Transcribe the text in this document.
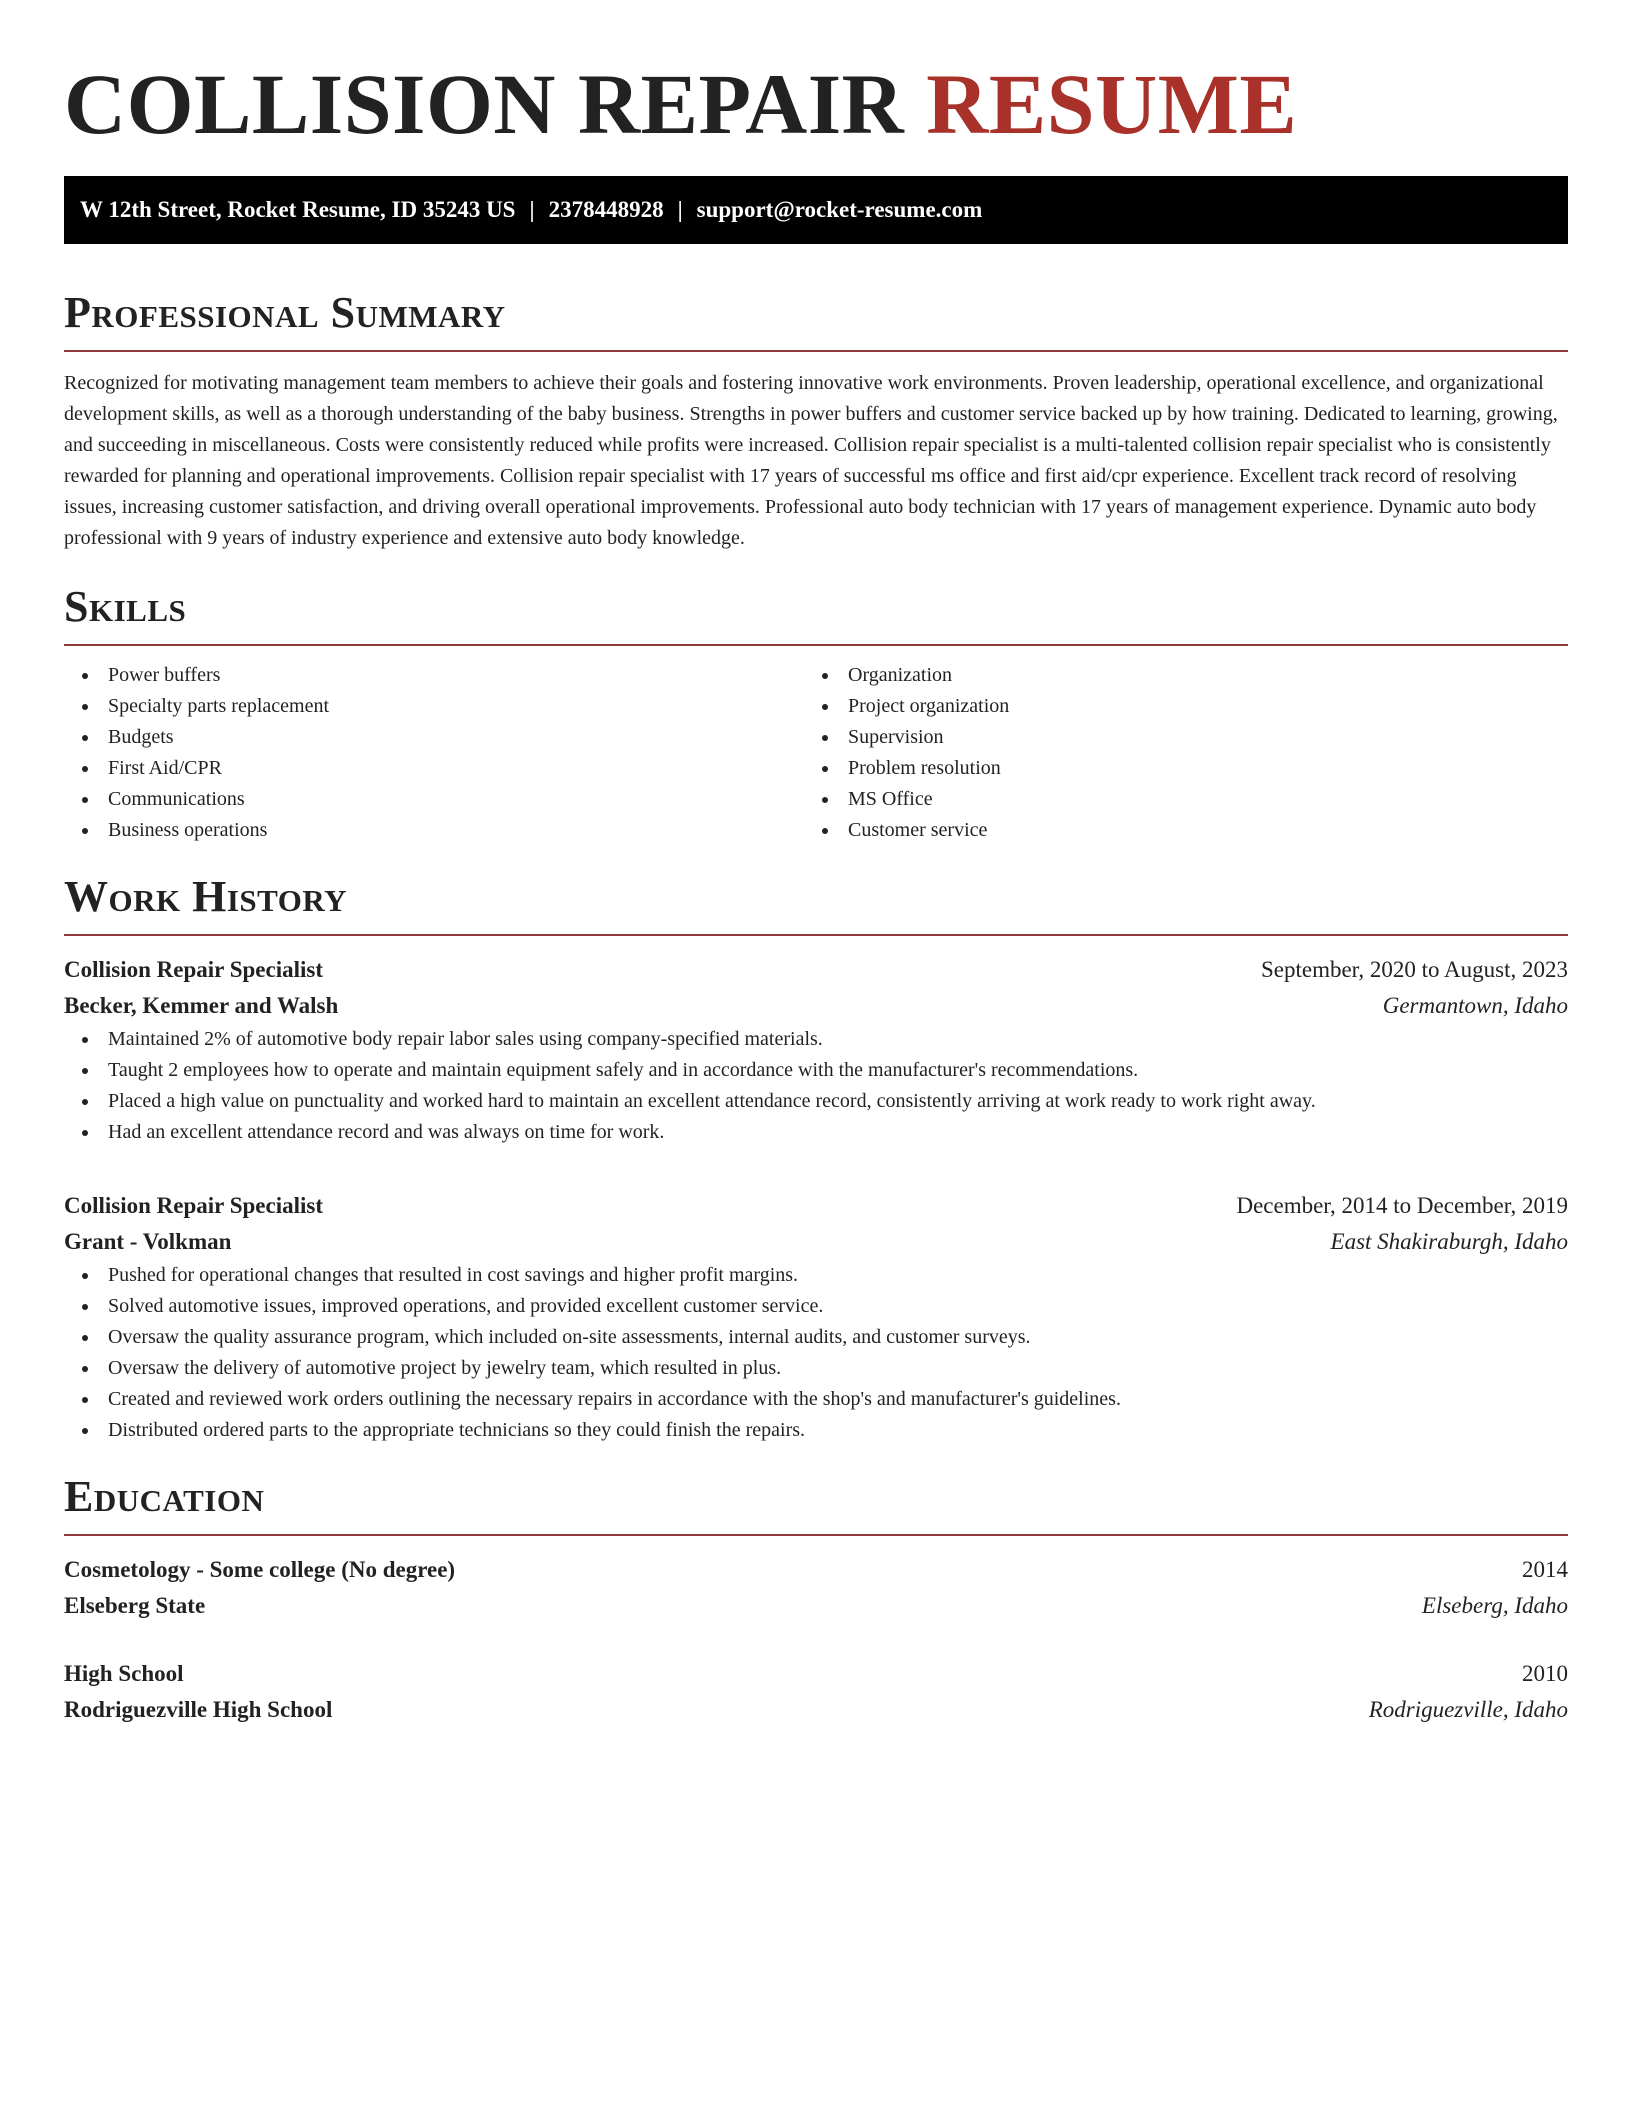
COLLISION REPAIR RESUME
W 12th Street, Rocket Resume, ID 35243 US | 2378448928 | support@rocket-resume.com
Professional Summary

Recognized for motivating management team members to achieve their goals and fostering innovative work environments. Proven leadership, operational excellence, and organizational development skills, as well as a thorough understanding of the baby business. Strengths in power buffers and customer service backed up by how training. Dedicated to learning, growing, and succeeding in miscellaneous. Costs were consistently reduced while profits were increased. Collision repair specialist is a multi-talented collision repair specialist who is consistently rewarded for planning and operational improvements. Collision repair specialist with 17 years of successful ms office and first aid/cpr experience. Excellent track record of resolving issues, increasing customer satisfaction, and driving overall operational improvements. Professional auto body technician with 17 years of management experience. Dynamic auto body professional with 9 years of industry experience and extensive auto body knowledge.

Skills
Power buffers
Specialty parts replacement
Budgets
First Aid/CPR
Communications
Business operations
Organization
Project organization
Supervision
Problem resolution
MS Office
Customer service
Work History
Collision Repair Specialist	September, 2020 to August, 2023
Becker, Kemmer and Walsh	Germantown, Idaho
Maintained 2% of automotive body repair labor sales using company-specified materials.
Taught 2 employees how to operate and maintain equipment safely and in accordance with the manufacturer's recommendations.
Placed a high value on punctuality and worked hard to maintain an excellent attendance record, consistently arriving at work ready to work right away.
Had an excellent attendance record and was always on time for work.
Collision Repair Specialist	December, 2014 to December, 2019
Grant - Volkman	East Shakiraburgh, Idaho
Pushed for operational changes that resulted in cost savings and higher profit margins.
Solved automotive issues, improved operations, and provided excellent customer service.
Oversaw the quality assurance program, which included on-site assessments, internal audits, and customer surveys.
Oversaw the delivery of automotive project by jewelry team, which resulted in plus.
Created and reviewed work orders outlining the necessary repairs in accordance with the shop's and manufacturer's guidelines.
Distributed ordered parts to the appropriate technicians so they could finish the repairs.
Education
Cosmetology - Some college (No degree)	2014
Elseberg State	Elseberg, Idaho
High School	2010
Rodriguezville High School	Rodriguezville, Idaho
